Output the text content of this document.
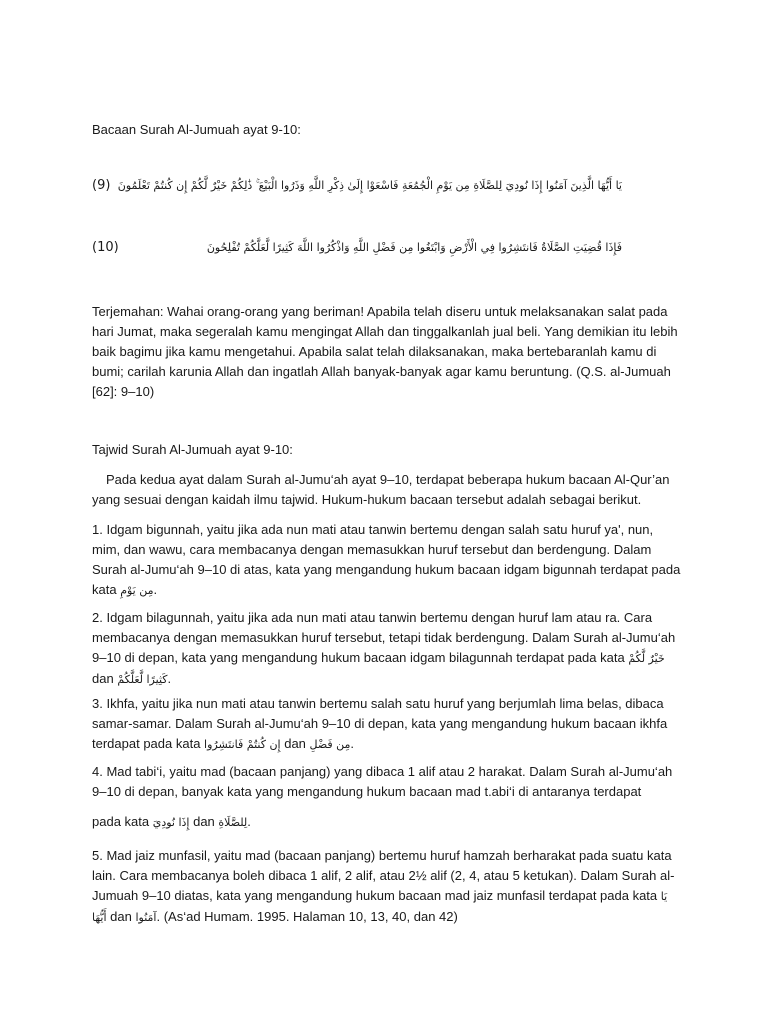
Bacaan Surah Al-Jumuah ayat 9-10:

(9) يَا أَيُّهَا الَّذِينَ آمَنُوا إِذَا نُودِيَ لِلصَّلَاةِ مِن يَوْمِ الْجُمُعَةِ فَاسْعَوْا إِلَىٰ ذِكْرِ اللَّهِ وَذَرُوا الْبَيْعَ ۚ ذَٰلِكُمْ خَيْرٌ لَّكُمْ إِن كُنتُمْ تَعْلَمُونَ
(10)	فَإِذَا قُضِيَتِ الصَّلَاةُ فَانتَشِرُوا فِي الْأَرْضِ وَابْتَغُوا مِن فَضْلِ اللَّهِ وَاذْكُرُوا اللَّهَ كَثِيرًا لَّعَلَّكُمْ تُفْلِحُونَ

Terjemahan: Wahai orang-orang yang beriman! Apabila telah diseru untuk melaksanakan salat pada hari Jumat, maka segeralah kamu mengingat Allah dan tinggalkanlah jual beli. Yang demikian itu lebih baik bagimu jika kamu mengetahui. Apabila salat telah dilaksanakan, maka bertebaranlah kamu di bumi; carilah karunia Allah dan ingatlah Allah banyak-banyak agar kamu beruntung. (Q.S. al-Jumuah [62]: 9–10)

Tajwid Surah Al-Jumuah ayat 9-10:

Pada kedua ayat dalam Surah al-Jumu‘ah ayat 9–10, terdapat beberapa hukum bacaan Al-Qur’an yang sesuai dengan kaidah ilmu tajwid. Hukum-hukum bacaan tersebut adalah sebagai berikut.

1. Idgam bigunnah, yaitu jika ada nun mati atau tanwin bertemu dengan salah satu huruf ya', nun, mim, dan wawu, cara membacanya dengan memasukkan huruf tersebut dan berdengung. Dalam Surah al-Jumu‘ah 9–10 di atas, kata yang mengandung hukum bacaan idgam bigunnah terdapat pada kata مِن يَوْمِ.

2. Idgam bilagunnah, yaitu jika ada nun mati atau tanwin bertemu dengan huruf lam atau ra. Cara membacanya dengan memasukkan huruf tersebut, tetapi tidak berdengung. Dalam Surah al-Jumu‘ah 9–10 di depan, kata yang mengandung hukum bacaan idgam bilagunnah terdapat pada kata خَيْرٌ لَّكُمْ dan كَثِيرًا لَّعَلَّكُمْ.

3. Ikhfa, yaitu jika nun mati atau tanwin bertemu salah satu huruf yang berjumlah lima belas, dibaca samar-samar. Dalam Surah al-Jumu‘ah 9–10 di depan, kata yang mengandung hukum bacaan ikhfa terdapat pada kata إِن كُنتُمْ فَانتَشِرُوا dan مِن فَضْلِ.

4. Mad tabi‘i, yaitu mad (bacaan panjang) yang dibaca 1 alif atau 2 harakat. Dalam Surah al-Jumu‘ah 9–10 di depan, banyak kata yang mengandung hukum bacaan mad t.abi‘i di antaranya terdapat

pada kata إِذَا نُودِيَ dan لِلصَّلَاةِ.

5. Mad jaiz munfasil, yaitu mad (bacaan panjang) bertemu huruf hamzah berharakat pada suatu kata lain. Cara membacanya boleh dibaca 1 alif, 2 alif, atau 2½ alif (2, 4, atau 5 ketukan). Dalam Surah al-Jumuah 9–10 diatas, kata yang mengandung hukum bacaan mad jaiz munfasil terdapat pada kata يَا أَيُّهَا dan آمَنُوا. (As‘ad Humam. 1995. Halaman 10, 13, 40, dan 42)
